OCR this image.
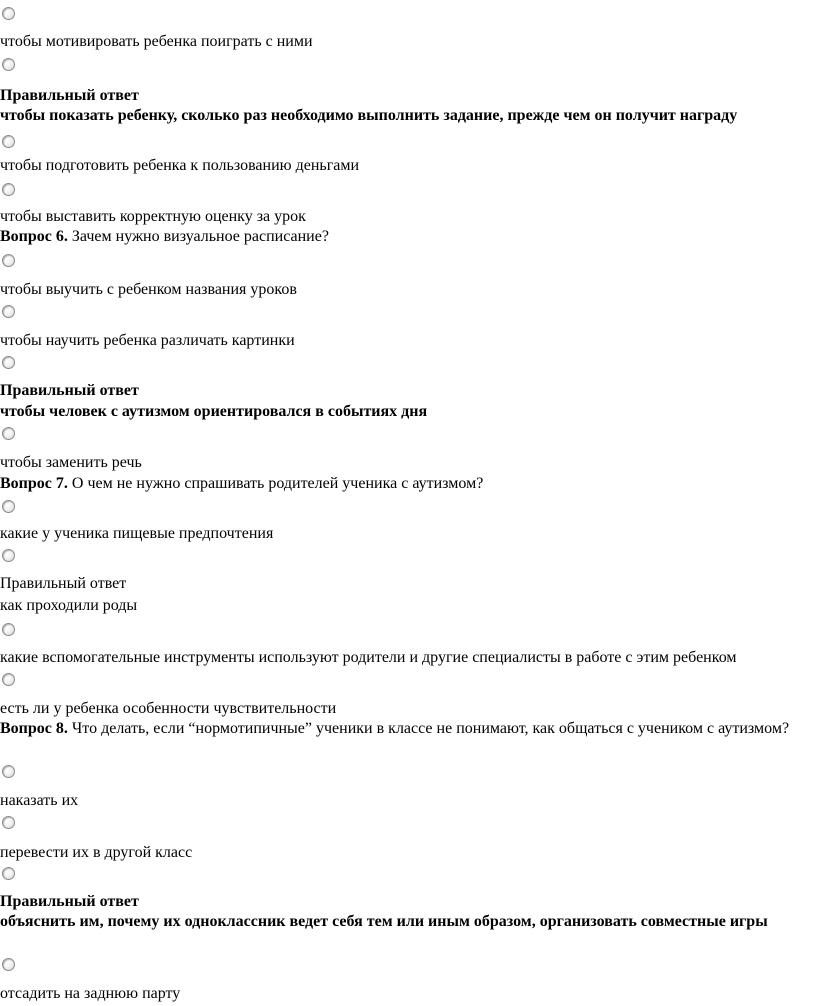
чтобы мотивировать ребенка поиграть с ними
Правильный ответ
чтобы показать ребенку, сколько раз необходимо выполнить задание, прежде чем он получит награду
чтобы подготовить ребенка к пользованию деньгами
чтобы выставить корректную оценку за урок
Вопрос 6. Зачем нужно визуальное расписание?
чтобы выучить с ребенком названия уроков
чтобы научить ребенка различать картинки
Правильный ответ
чтобы человек с аутизмом ориентировался в событиях дня
чтобы заменить речь
Вопрос 7. О чем не нужно спрашивать родителей ученика с аутизмом?
какие у ученика пищевые предпочтения
Правильный ответ
как проходили роды
какие вспомогательные инструменты используют родители и другие специалисты в работе с этим ребенком
есть ли у ребенка особенности чувствительности
Вопрос 8. Что делать, если “нормотипичные” ученики в классе не понимают, как общаться с учеником с аутизмом?
наказать их
перевести их в другой класс
Правильный ответ
объяснить им, почему их одноклассник ведет себя тем или иным образом, организовать совместные игры
отсадить на заднюю парту
